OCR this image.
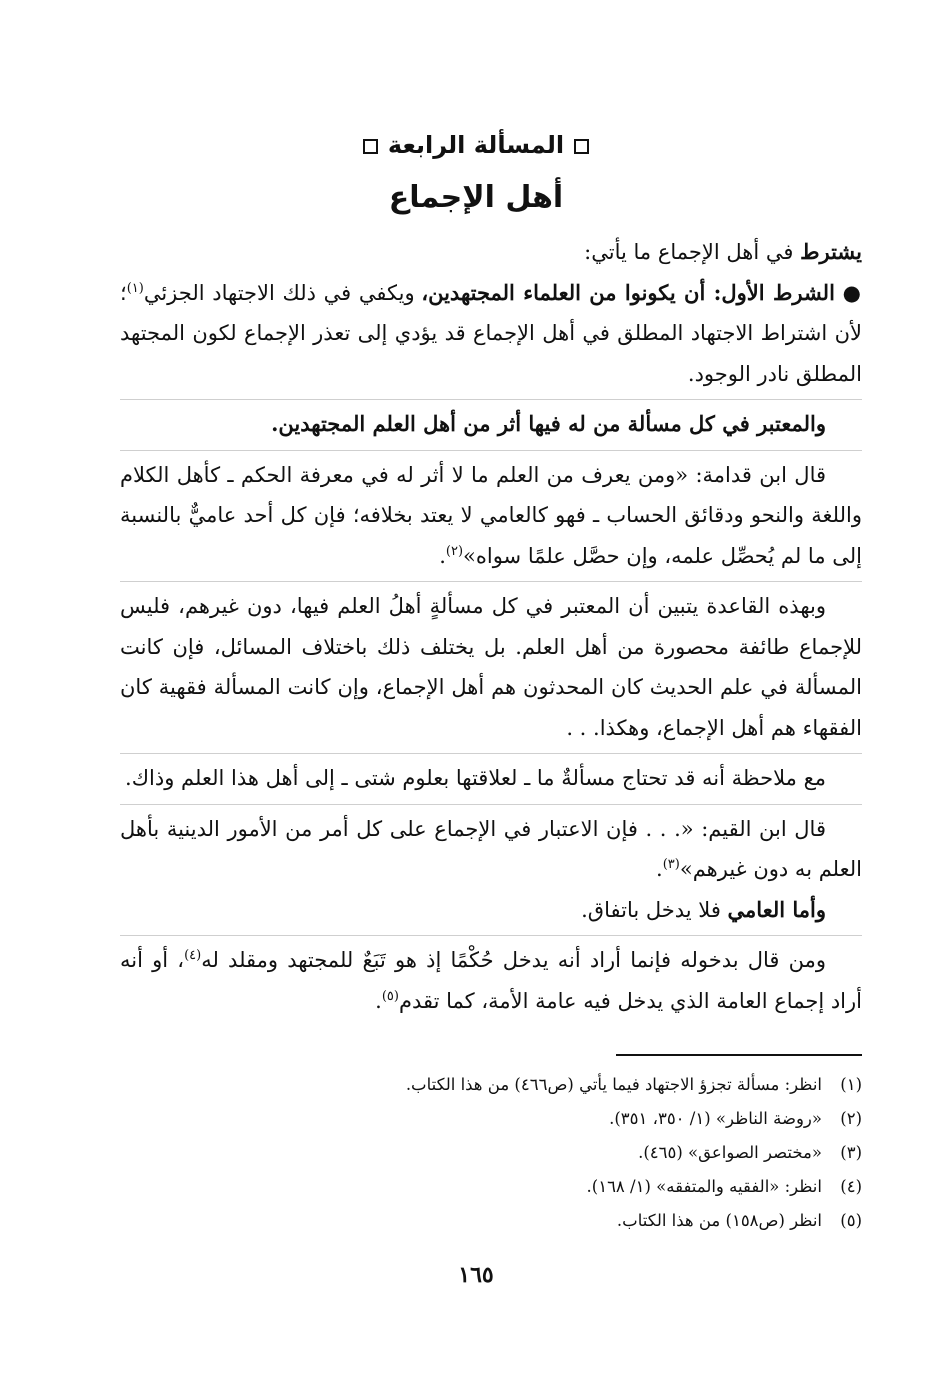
المسألة الرابعة
أهل الإجماع

يشترط في أهل الإجماع ما يأتي:

● الشرط الأول: أن يكونوا من العلماء المجتهدين، ويكفي في ذلك الاجتهاد الجزئي$^{(١)}$؛ لأن اشتراط الاجتهاد المطلق في أهل الإجماع قد يؤدي إلى تعذر الإجماع لكون المجتهد المطلق نادر الوجود.

والمعتبر في كل مسألة من له فيها أثر من أهل العلم المجتهدين.

قال ابن قدامة: «ومن يعرف من العلم ما لا أثر له في معرفة الحكم ـ كأهل الكلام واللغة والنحو ودقائق الحساب ـ فهو كالعامي لا يعتد بخلافه؛ فإن كل أحد عاميٌّ بالنسبة إلى ما لم يُحصِّل علمه، وإن حصَّل علمًا سواه»$^{(٢)}$.

وبهذه القاعدة يتبين أن المعتبر في كل مسألةٍ أهلُ العلم فيها، دون غيرهم، فليس للإجماع طائفة محصورة من أهل العلم. بل يختلف ذلك باختلاف المسائل، فإن كانت المسألة في علم الحديث كان المحدثون هم أهل الإجماع، وإن كانت المسألة فقهية كان الفقهاء هم أهل الإجماع، وهكذا. . .

مع ملاحظة أنه قد تحتاج مسألةٌ ما ـ لعلاقتها بعلوم شتى ـ إلى أهل هذا العلم وذاك.

قال ابن القيم: «. . . فإن الاعتبار في الإجماع على كل أمر من الأمور الدينية بأهل العلم به دون غيرهم»$^{(٣)}$.

وأما العامي فلا يدخل باتفاق.

ومن قال بدخوله فإنما أراد أنه يدخل حُكْمًا إذ هو تَبَعٌ للمجتهد ومقلد له$^{(٤)}$، أو أنه أراد إجماع العامة الذي يدخل فيه عامة الأمة، كما تقدم$^{(٥)}$.

(١)انظر: مسألة تجزؤ الاجتهاد فيما يأتي (ص٤٦٦) من هذا الكتاب.
(٢)«روضة الناظر» (١/ ٣٥٠، ٣٥١).
(٣)«مختصر الصواعق» (٤٦٥).
(٤)انظر: «الفقيه والمتفقه» (١/ ١٦٨).
(٥)انظر (ص١٥٨) من هذا الكتاب.
١٦٥
